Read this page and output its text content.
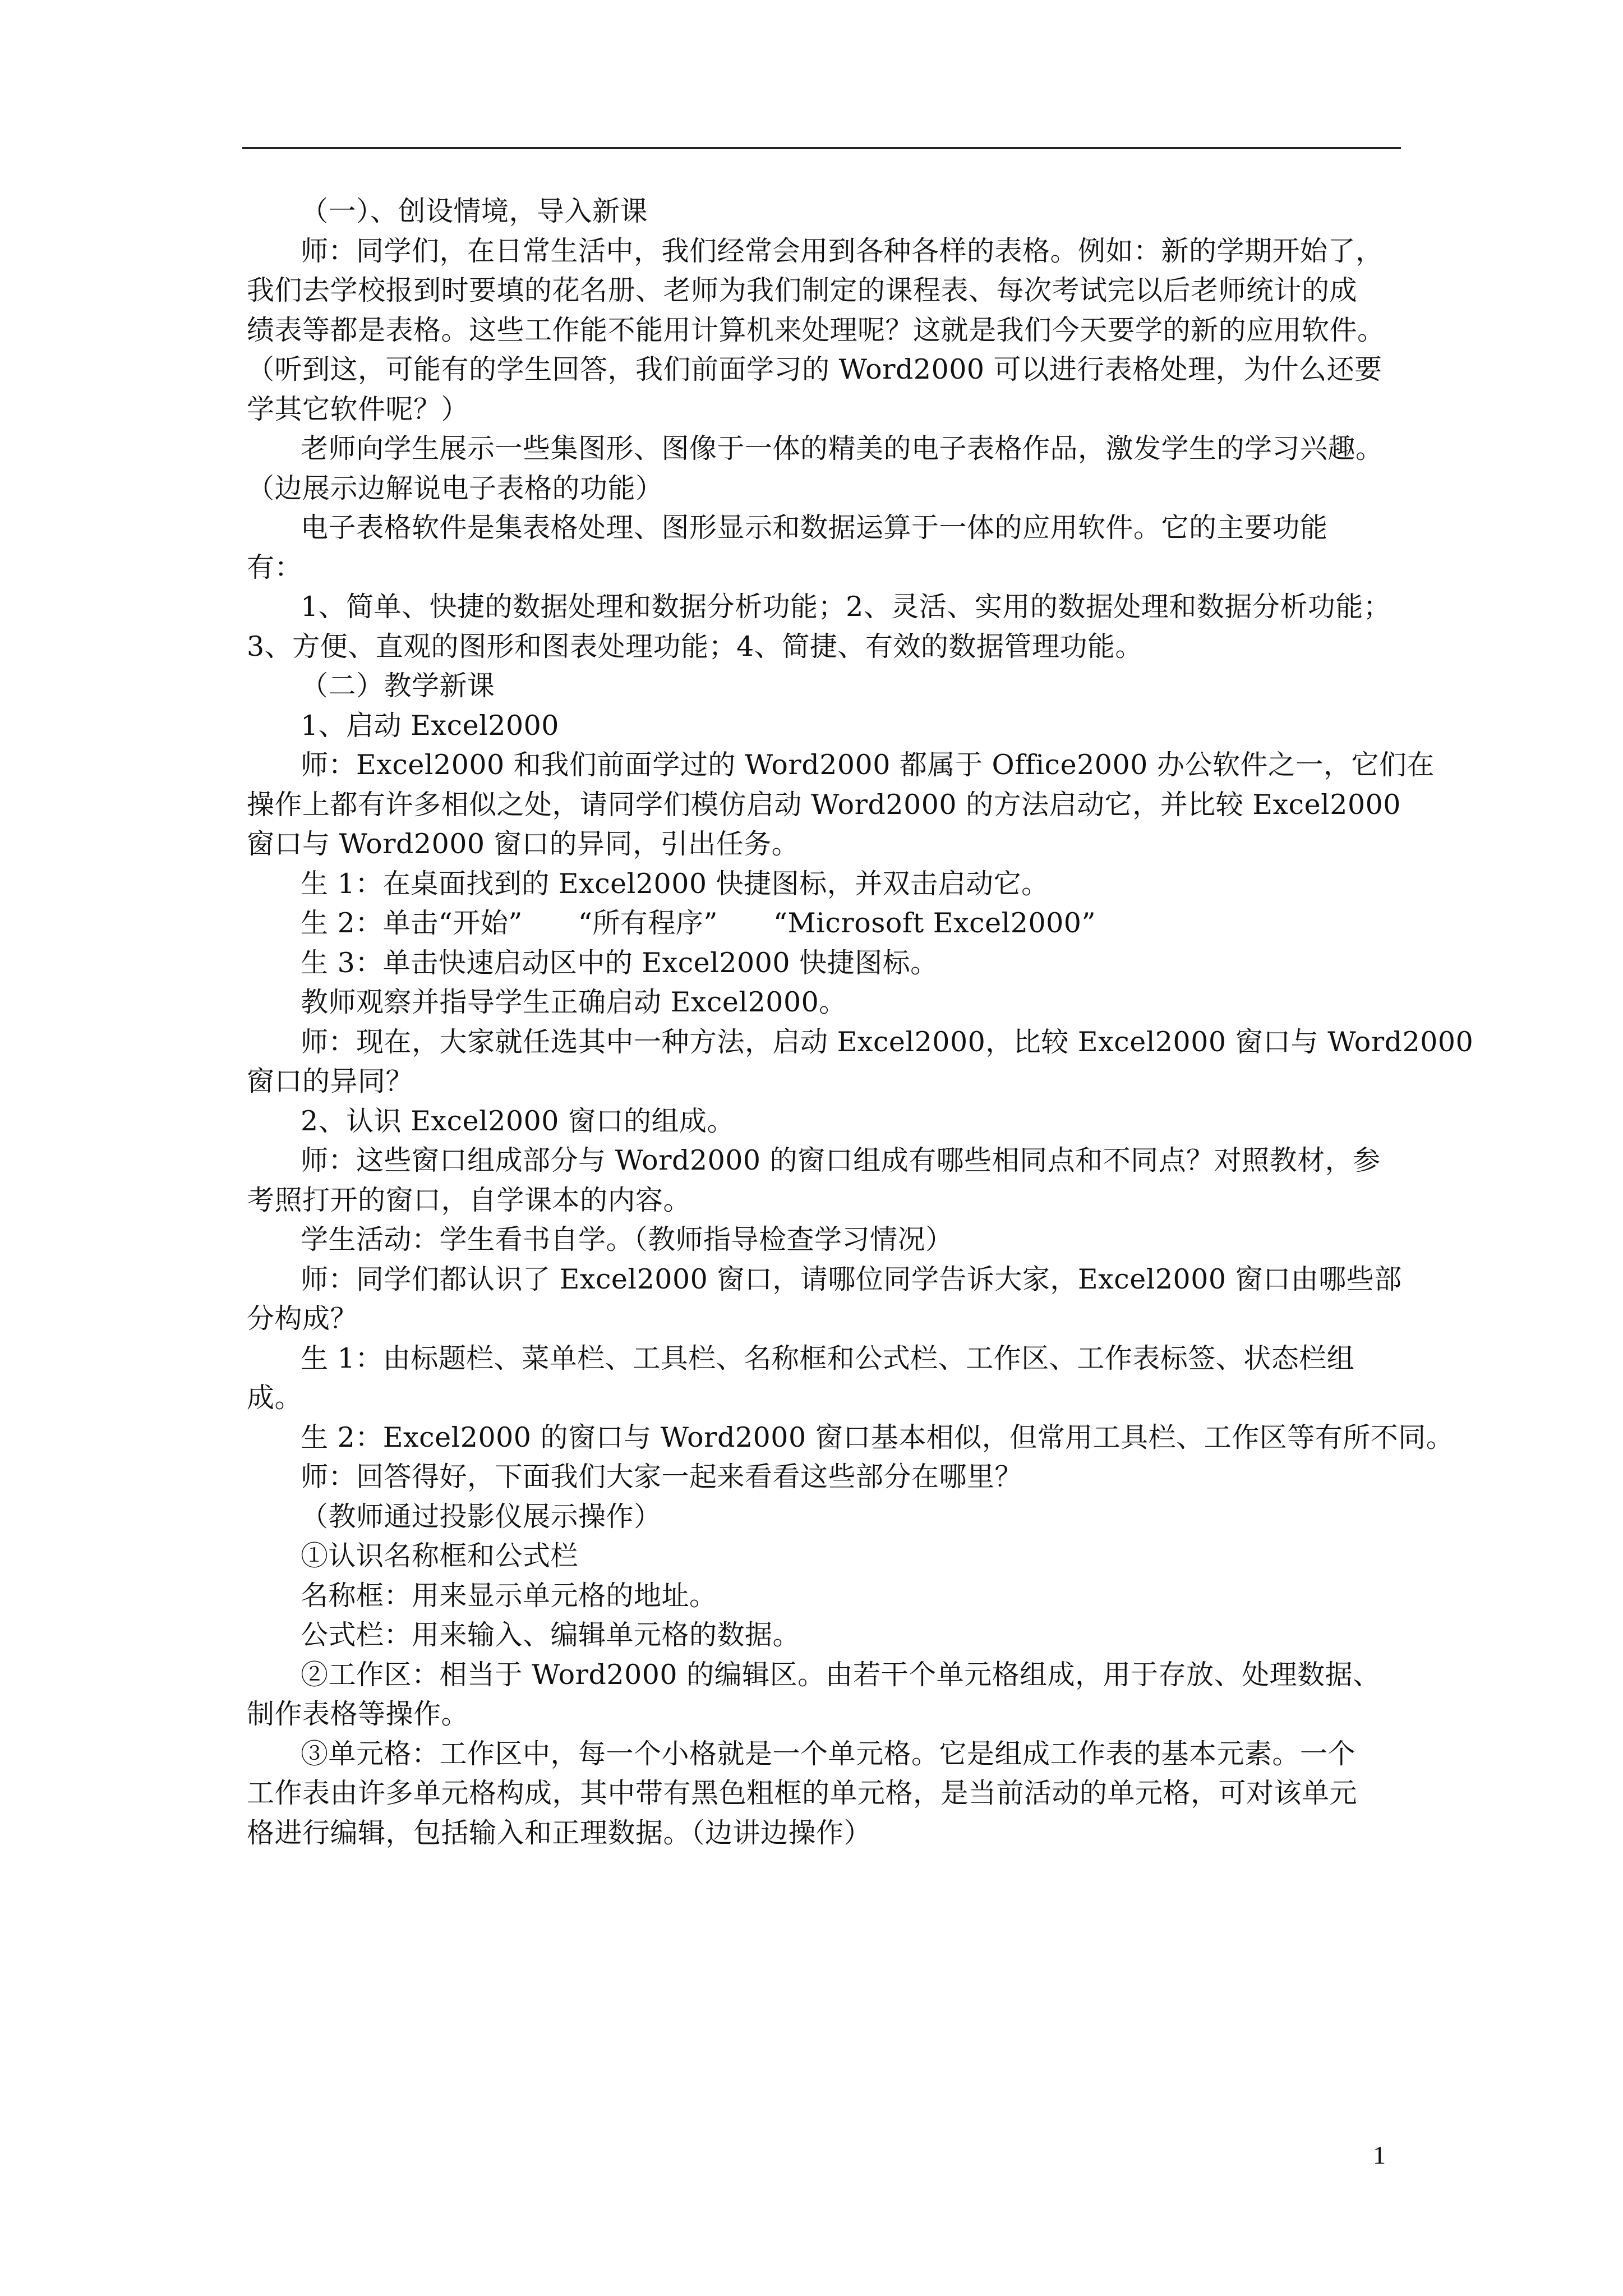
（一）、创设情境，导入新课
师：同学们，在日常生活中，我们经常会用到各种各样的表格。例如：新的学期开始了，
我们去学校报到时要填的花名册、老师为我们制定的课程表、每次考试完以后老师统计的成
绩表等都是表格。这些工作能不能用计算机来处理呢？这就是我们今天要学的新的应用软件。
（听到这，可能有的学生回答，我们前面学习的 Word2000 可以进行表格处理，为什么还要
学其它软件呢？）
老师向学生展示一些集图形、图像于一体的精美的电子表格作品，激发学生的学习兴趣。
（边展示边解说电子表格的功能）
电子表格软件是集表格处理、图形显示和数据运算于一体的应用软件。它的主要功能
有：
1、简单、快捷的数据处理和数据分析功能；2、灵活、实用的数据处理和数据分析功能；
3、方便、直观的图形和图表处理功能；4、简捷、有效的数据管理功能。
（二）教学新课
1、启动 Excel2000
师：Excel2000 和我们前面学过的 Word2000 都属于 Office2000 办公软件之一，它们在
操作上都有许多相似之处，请同学们模仿启动 Word2000 的方法启动它，并比较 Excel2000
窗口与 Word2000 窗口的异同，引出任务。
生 1：在桌面找到的 Excel2000 快捷图标，并双击启动它。
生 2：单击“开始”　　“所有程序”　　“Microsoft Excel2000”
生 3：单击快速启动区中的 Excel2000 快捷图标。
教师观察并指导学生正确启动 Excel2000。
师：现在，大家就任选其中一种方法，启动 Excel2000，比较 Excel2000 窗口与 Word2000
窗口的异同？
2、认识 Excel2000 窗口的组成。
师：这些窗口组成部分与 Word2000 的窗口组成有哪些相同点和不同点？对照教材，参
考照打开的窗口，自学课本的内容。
学生活动：学生看书自学。（教师指导检查学习情况）
师：同学们都认识了 Excel2000 窗口，请哪位同学告诉大家，Excel2000 窗口由哪些部
分构成？
生 1：由标题栏、菜单栏、工具栏、名称框和公式栏、工作区、工作表标签、状态栏组
成。
生 2：Excel2000 的窗口与 Word2000 窗口基本相似，但常用工具栏、工作区等有所不同。
师：回答得好，下面我们大家一起来看看这些部分在哪里？
（教师通过投影仪展示操作）
①认识名称框和公式栏
名称框：用来显示单元格的地址。
公式栏：用来输入、编辑单元格的数据。
②工作区：相当于 Word2000 的编辑区。由若干个单元格组成，用于存放、处理数据、
制作表格等操作。
③单元格：工作区中，每一个小格就是一个单元格。它是组成工作表的基本元素。一个
工作表由许多单元格构成，其中带有黑色粗框的单元格，是当前活动的单元格，可对该单元
格进行编辑，包括输入和正理数据。（边讲边操作）
1
